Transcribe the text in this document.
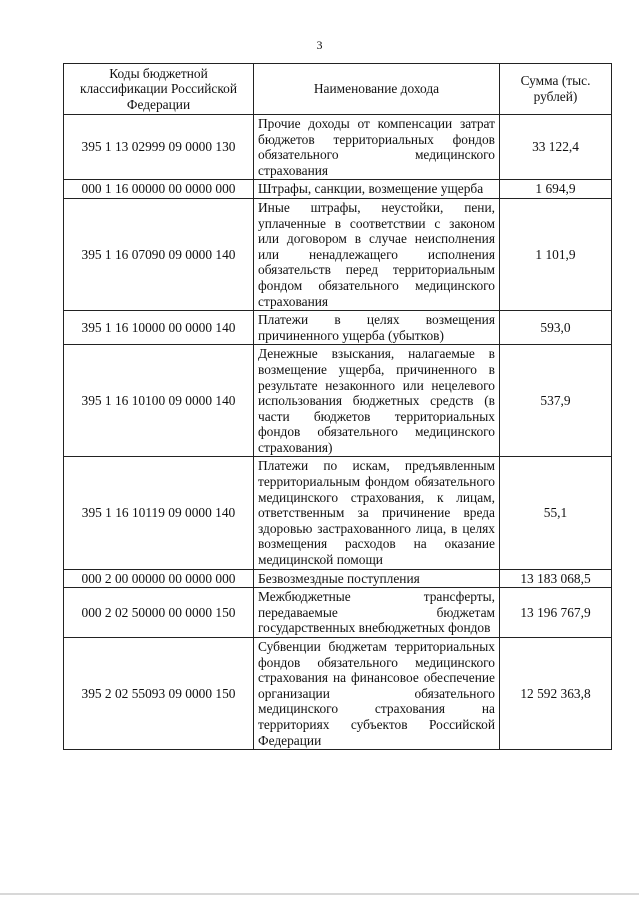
3
Коды бюджетной классификации Российской Федерации	Наименование дохода	Сумма (тыс. рублей)
395 1 13 02999 09 0000 130	Прочие доходы от компенсации затрат бюджетов территориальных фондов обязательного медицинского страхования	33 122,4
000 1 16 00000 00 0000 000	Штрафы, санкции, возмещение ущерба	1 694,9
395 1 16 07090 09 0000 140	Иные штрафы, неустойки, пени, уплаченные в соответствии с законом или договором в случае неисполнения или ненадлежащего исполнения обязательств перед территориальным фондом обязательного медицинского страхования	1 101,9
395 1 16 10000 00 0000 140	Платежи в целях возмещения причиненного ущерба (убытков)	593,0
395 1 16 10100 09 0000 140	Денежные взыскания, налагаемые в возмещение ущерба, причиненного в результате незаконного или нецелевого использования бюджетных средств (в части бюджетов территориальных фондов обязательного медицинского страхования)	537,9
395 1 16 10119 09 0000 140	Платежи по искам, предъявленным территориальным фондом обязательного медицинского страхования, к лицам, ответственным за причинение вреда здоровью застрахованного лица, в целях возмещения расходов на оказание медицинской помощи	55,1
000 2 00 00000 00 0000 000	Безвозмездные поступления	13 183 068,5
000 2 02 50000 00 0000 150	Межбюджетные трансферты, передаваемые бюджетам государственных внебюджетных фондов	13 196 767,9
395 2 02 55093 09 0000 150	Субвенции бюджетам территориальных фондов обязательного медицинского страхования на финансовое обеспечение организации обязательного медицинского страхования на территориях субъектов Российской Федерации	12 592 363,8
